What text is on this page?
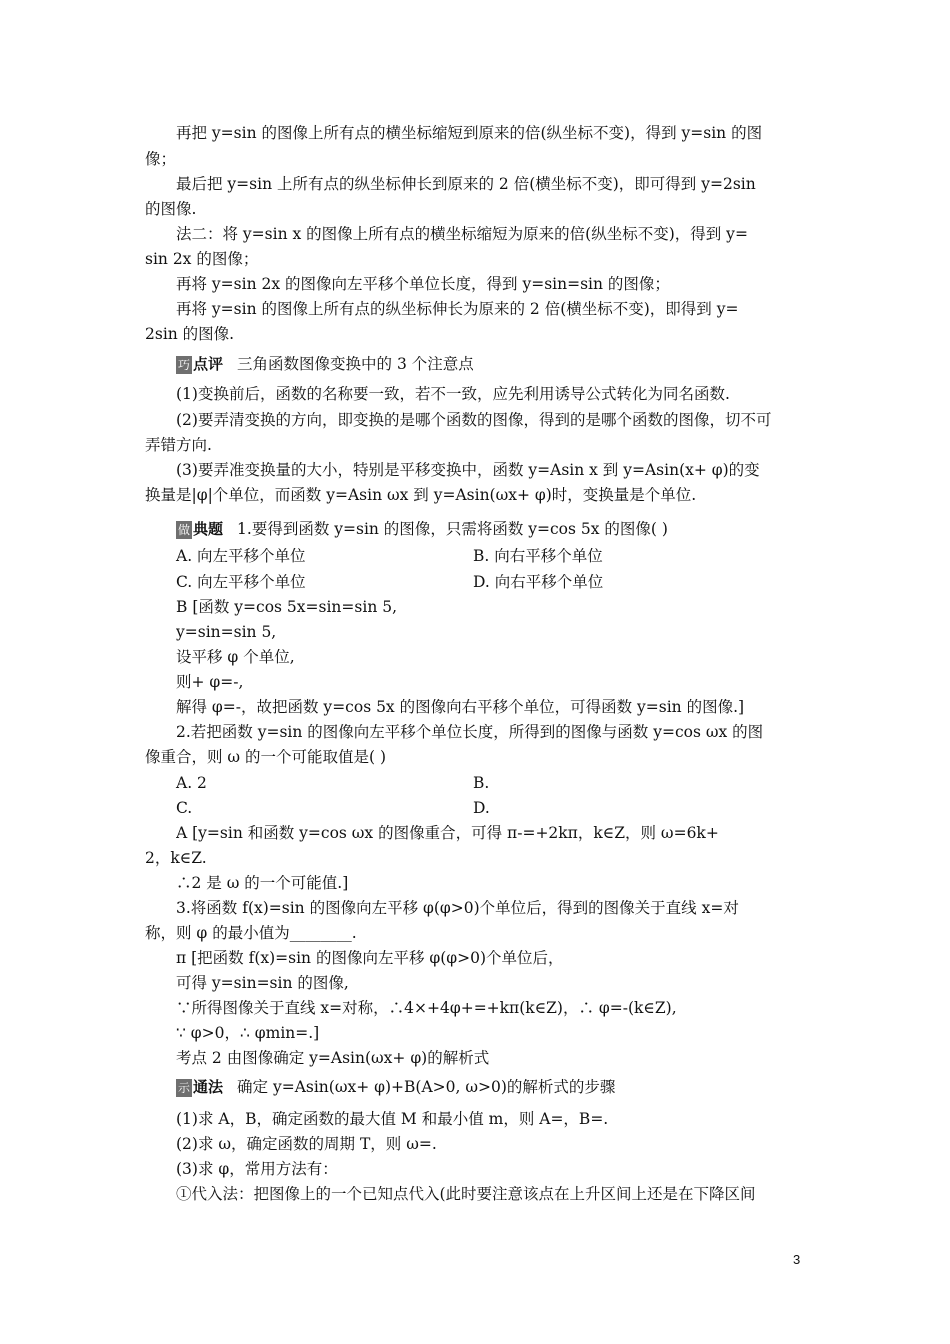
再把 y=sin 的图像上所有点的横坐标缩短到原来的倍(纵坐标不变)，得到 y=sin 的图
像；
最后把 y=sin 上所有点的纵坐标伸长到原来的 2 倍(横坐标不变)，即可得到 y=2sin
的图像.
法二：将 y=sin x 的图像上所有点的横坐标缩短为原来的倍(纵坐标不变)，得到 y=
sin 2x 的图像；
再将 y=sin 2x 的图像向左平移个单位长度，得到 y=sin=sin 的图像；
再将 y=sin 的图像上所有点的纵坐标伸长为原来的 2 倍(横坐标不变)，即得到 y=
2sin 的图像.
巧 点评 三角函数图像变换中的 3 个注意点
(1)变换前后，函数的名称要一致，若不一致，应先利用诱导公式转化为同名函数.
(2)要弄清变换的方向，即变换的是哪个函数的图像，得到的是哪个函数的图像，切不可
弄错方向.
(3)要弄准变换量的大小，特别是平移变换中，函数 y=Asin x 到 y=Asin(x+ φ)的变
换量是|φ|个单位，而函数 y=Asin ωx 到 y=Asin(ωx+ φ)时，变换量是个单位.
做 典题 1.要得到函数 y=sin 的图像，只需将函数 y=cos 5x 的图像( )
A. 向左平移个单位	B. 向右平移个单位
C. 向左平移个单位	D. 向右平移个单位
B [函数 y=cos 5x=sin=sin 5,
y=sin=sin 5,
设平移 φ 个单位,
则+ φ=-,
解得 φ=-，故把函数 y=cos 5x 的图像向右平移个单位，可得函数 y=sin 的图像.]
2.若把函数 y=sin 的图像向左平移个单位长度，所得到的图像与函数 y=cos ωx 的图
像重合，则 ω 的一个可能取值是( )
A. 2	B.
C.	D.
A [y=sin 和函数 y=cos ωx 的图像重合，可得 π-=+2kπ，k∈Z，则 ω=6k+
2，k∈Z.
∴2 是 ω 的一个可能值.]
3.将函数 f(x)=sin 的图像向左平移 φ(φ>0)个单位后，得到的图像关于直线 x=对
称，则 φ 的最小值为________.
π [把函数 f(x)=sin 的图像向左平移 φ(φ>0)个单位后，
可得 y=sin=sin 的图像,
∵所得图像关于直线 x=对称，∴4×+4φ+=+kπ(k∈Z)，∴ φ=-(k∈Z),
∵ φ>0，∴ φmin=.]
考点 2 由图像确定 y=Asin(ωx+ φ)的解析式
示 通法 确定 y=Asin(ωx+ φ)+B(A>0, ω>0)的解析式的步骤
(1)求 A，B，确定函数的最大值 M 和最小值 m，则 A=，B=.
(2)求 ω，确定函数的周期 T，则 ω=.
(3)求 φ，常用方法有：
①代入法：把图像上的一个已知点代入(此时要注意该点在上升区间上还是在下降区间
3
